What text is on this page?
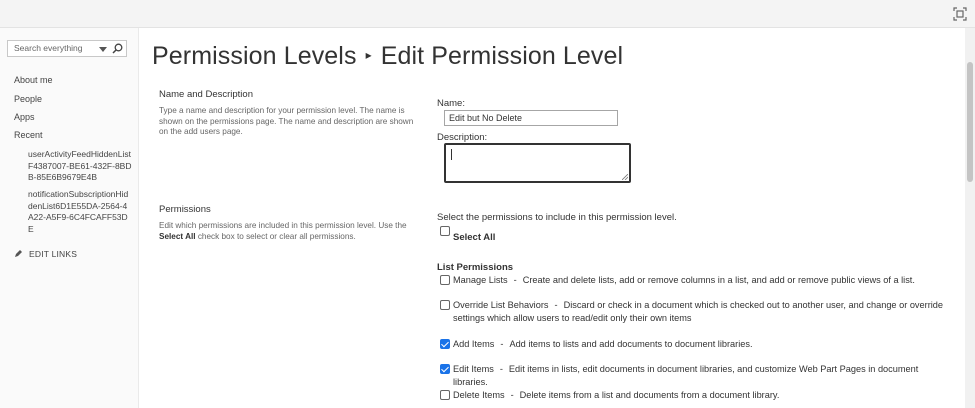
Search everything
About me
People
Apps
Recent
userActivityFeedHiddenListF4387007-BE61-432F-8BDB-85E6B9679E4B
notificationSubscriptionHiddenList6D1E55DA-2564-4A22-A5F9-6C4FCAFF53DE
EDIT LINKS
Permission Levels ▸ Edit Permission Level
Name and Description
Type a name and description for your permission level. The name is shown on the permissions page. The name and description are shown on the add users page.
Name:
Edit but No Delete
Description:
Permissions
Edit which permissions are included in this permission level. Use the Select All check box to select or clear all permissions.
Select the permissions to include in this permission level.
Select All
List Permissions
Manage Lists - Create and delete lists, add or remove columns in a list, and add or remove public views of a list.
Override List Behaviors - Discard or check in a document which is checked out to another user, and change or override settings which allow users to read/edit only their own items
Add Items - Add items to lists and add documents to document libraries.
Edit Items - Edit items in lists, edit documents in document libraries, and customize Web Part Pages in document libraries.
Delete Items - Delete items from a list and documents from a document library.
